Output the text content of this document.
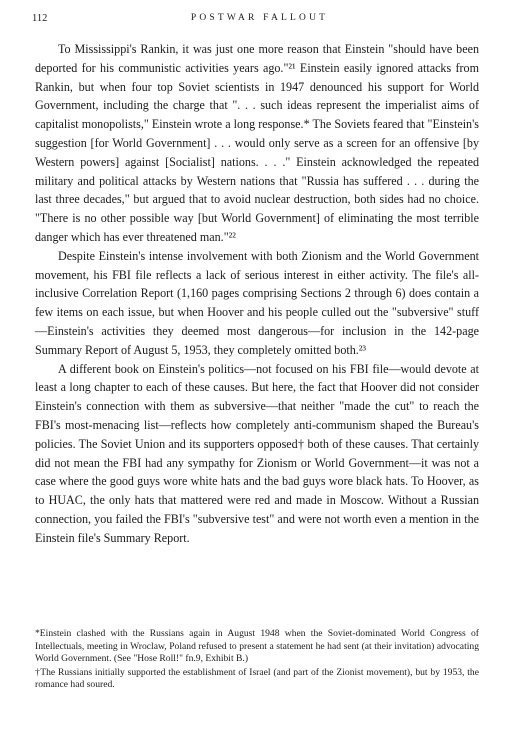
112	POSTWAR FALLOUT

To Mississippi's Rankin, it was just one more reason that Einstein "should have been deported for his communistic activities years ago."²¹ Einstein easily ignored attacks from Rankin, but when four top Soviet scientists in 1947 denounced his support for World Government, including the charge that ". . . such ideas represent the imperialist aims of capitalist monopolists," Einstein wrote a long response.* The Soviets feared that "Einstein's suggestion [for World Government] . . . would only serve as a screen for an offensive [by Western powers] against [Socialist] nations. . . ." Einstein acknowledged the repeated military and political attacks by Western nations that "Russia has suffered . . . during the last three decades," but argued that to avoid nuclear destruction, both sides had no choice. "There is no other possible way [but World Government] of eliminating the most terrible danger which has ever threatened man."²²

Despite Einstein's intense involvement with both Zionism and the World Government movement, his FBI file reflects a lack of serious interest in either activity. The file's all-inclusive Correlation Report (1,160 pages comprising Sections 2 through 6) does contain a few items on each issue, but when Hoover and his people culled out the "subversive" stuff—Einstein's activities they deemed most dangerous—for inclusion in the 142-page Summary Report of August 5, 1953, they completely omitted both.²³

A different book on Einstein's politics—not focused on his FBI file—would devote at least a long chapter to each of these causes. But here, the fact that Hoover did not consider Einstein's connection with them as subversive—that neither "made the cut" to reach the FBI's most-menacing list—reflects how completely anti-communism shaped the Bureau's policies. The Soviet Union and its supporters opposed† both of these causes. That certainly did not mean the FBI had any sympathy for Zionism or World Government—it was not a case where the good guys wore white hats and the bad guys wore black hats. To Hoover, as to HUAC, the only hats that mattered were red and made in Moscow. Without a Russian connection, you failed the FBI's "subversive test" and were not worth even a mention in the Einstein file's Summary Report.

*Einstein clashed with the Russians again in August 1948 when the Soviet-dominated World Congress of Intellectuals, meeting in Wroclaw, Poland refused to present a statement he had sent (at their invitation) advocating World Government. (See "Hose Roll!" fn.9, Exhibit B.)

†The Russians initially supported the establishment of Israel (and part of the Zionist movement), but by 1953, the romance had soured.
